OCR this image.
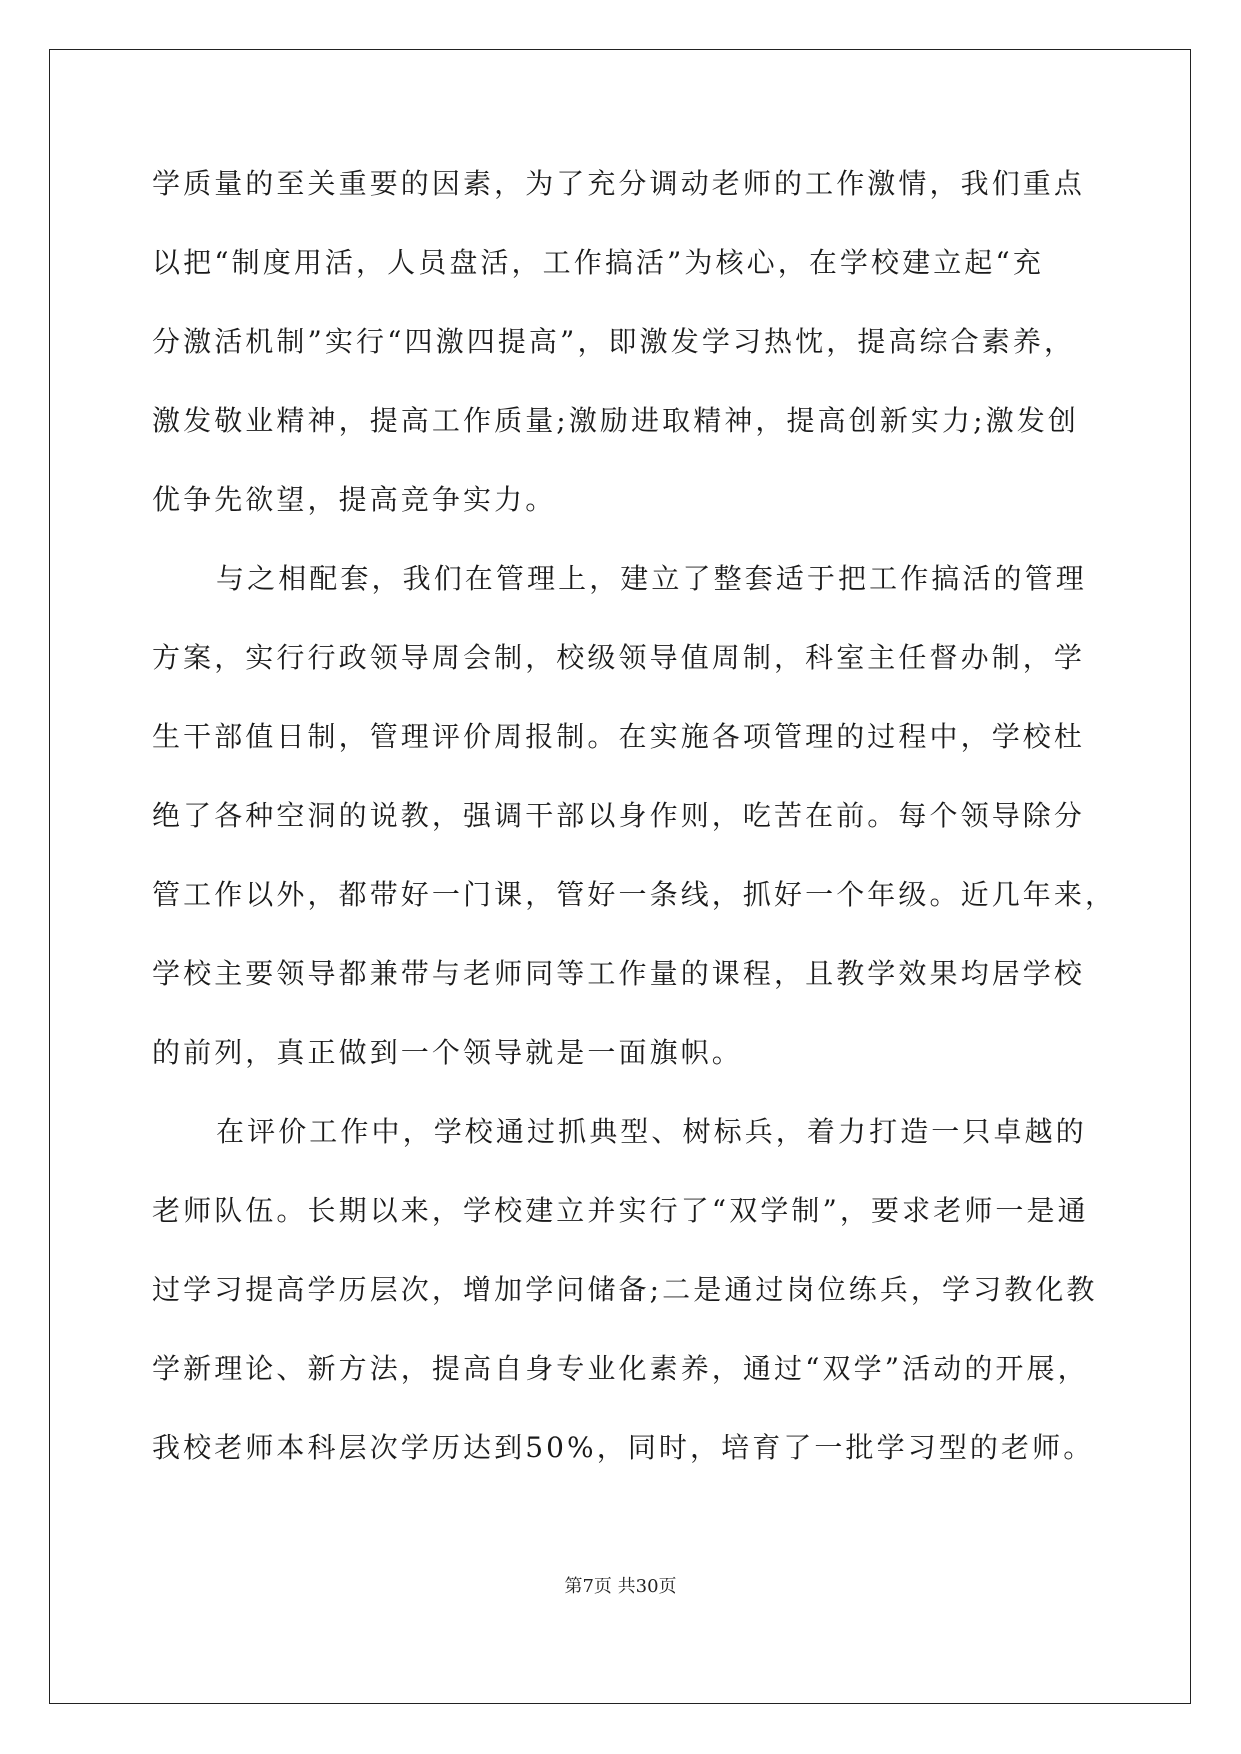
学质量的至关重要的因素，为了充分调动老师的工作激情，我们重点
以把“制度用活，人员盘活，工作搞活”为核心，在学校建立起“充
分激活机制”实行“四激四提高”，即激发学习热忱，提高综合素养，
激发敬业精神，提高工作质量;激励进取精神，提高创新实力;激发创
优争先欲望，提高竞争实力。
与之相配套，我们在管理上，建立了整套适于把工作搞活的管理
方案，实行行政领导周会制，校级领导值周制，科室主任督办制，学
生干部值日制，管理评价周报制。在实施各项管理的过程中，学校杜
绝了各种空洞的说教，强调干部以身作则，吃苦在前。每个领导除分
管工作以外，都带好一门课，管好一条线，抓好一个年级。近几年来，
学校主要领导都兼带与老师同等工作量的课程，且教学效果均居学校
的前列，真正做到一个领导就是一面旗帜。
在评价工作中，学校通过抓典型、树标兵，着力打造一只卓越的
老师队伍。长期以来，学校建立并实行了“双学制”，要求老师一是通
过学习提高学历层次，增加学问储备;二是通过岗位练兵，学习教化教
学新理论、新方法，提高自身专业化素养，通过“双学”活动的开展，
我校老师本科层次学历达到50%，同时，培育了一批学习型的老师。
第7页 共30页
